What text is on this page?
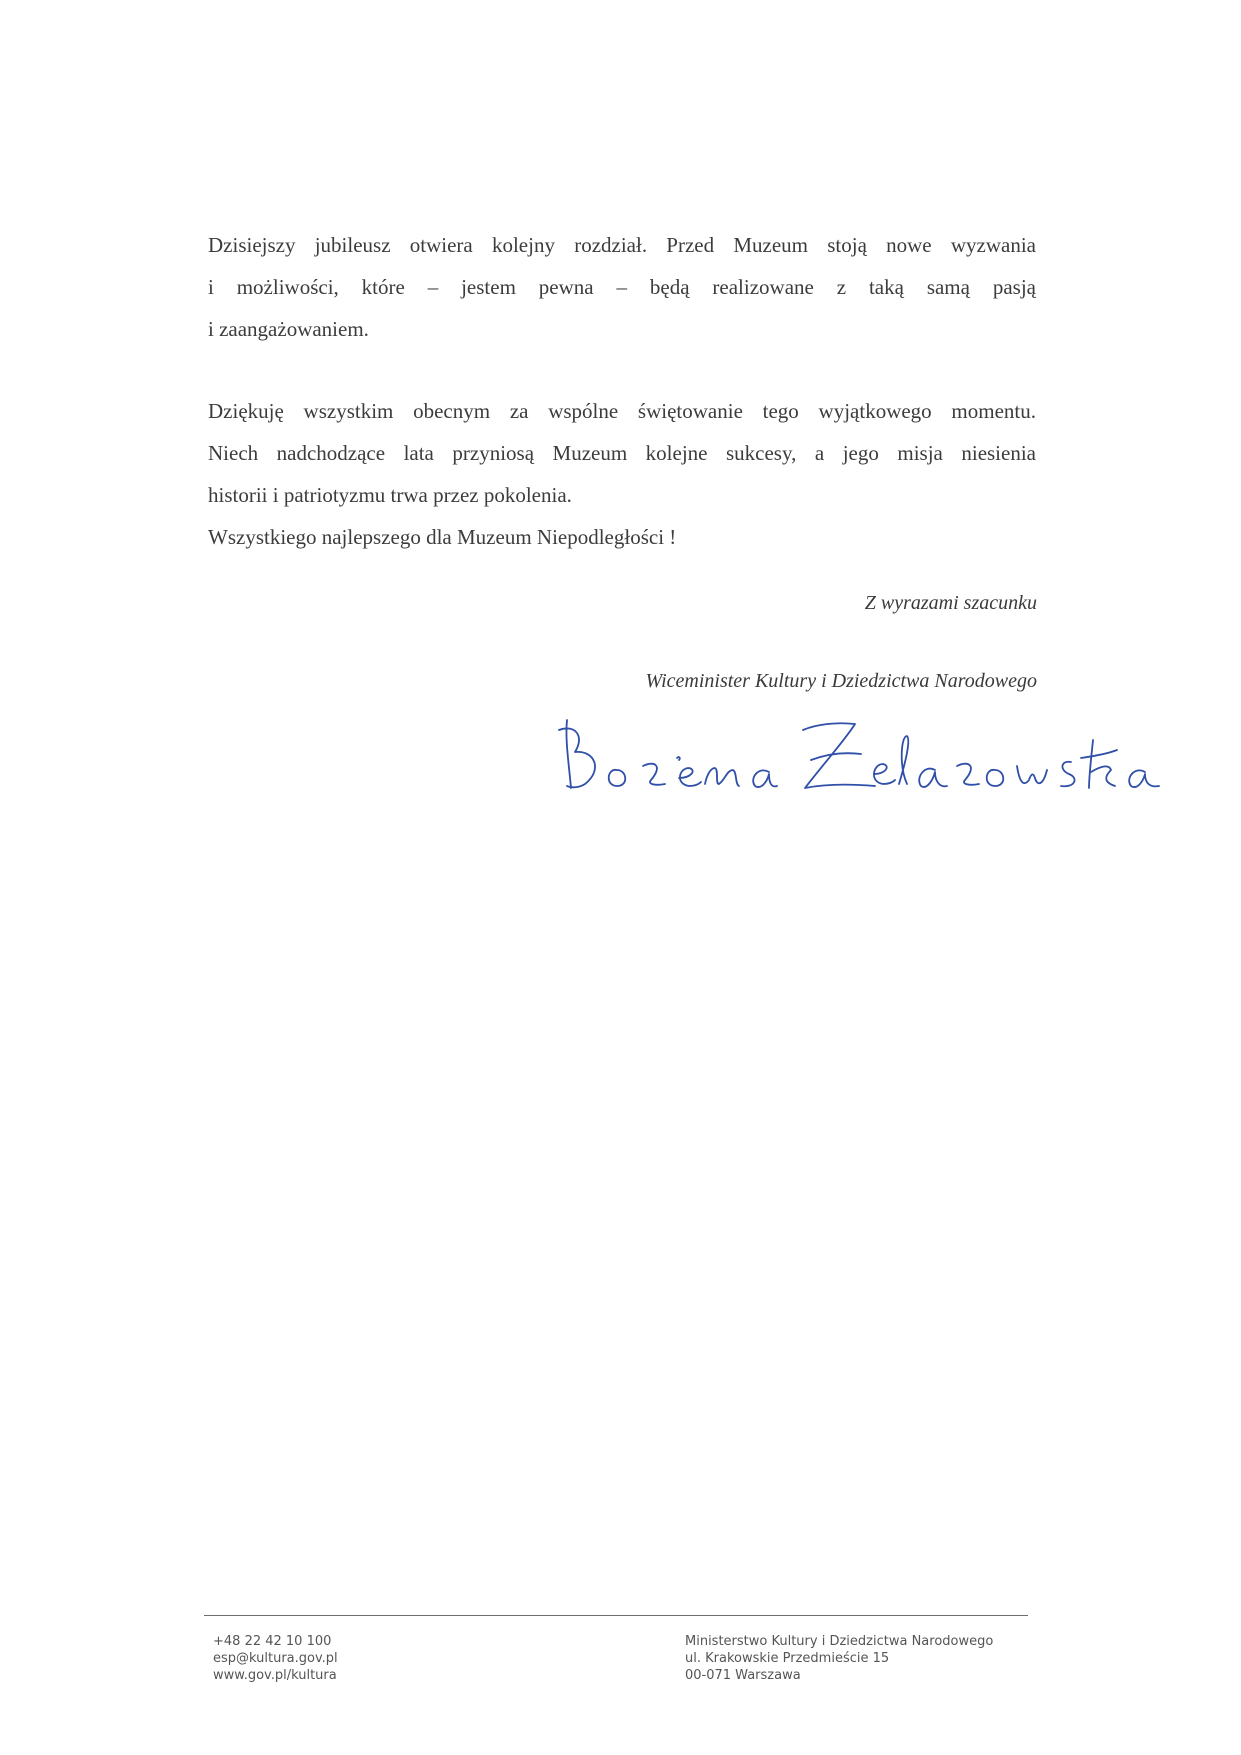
Dzisiejszy jubileusz otwiera kolejny rozdział. Przed Muzeum stoją nowe wyzwania
i możliwości, które – jestem pewna – będą realizowane z taką samą pasją
i zaangażowaniem.
Dziękuję wszystkim obecnym za wspólne świętowanie tego wyjątkowego momentu.
Niech nadchodzące lata przyniosą Muzeum kolejne sukcesy, a jego misja niesienia
historii i patriotyzmu trwa przez pokolenia.
Wszystkiego najlepszego dla Muzeum Niepodległości !
Z wyrazami szacunku
Wiceminister Kultury i Dziedzictwa Narodowego
+48 22 42 10 100
esp@kultura.gov.pl
www.gov.pl/kultura
Ministerstwo Kultury i Dziedzictwa Narodowego
ul. Krakowskie Przedmieście 15
00-071 Warszawa
